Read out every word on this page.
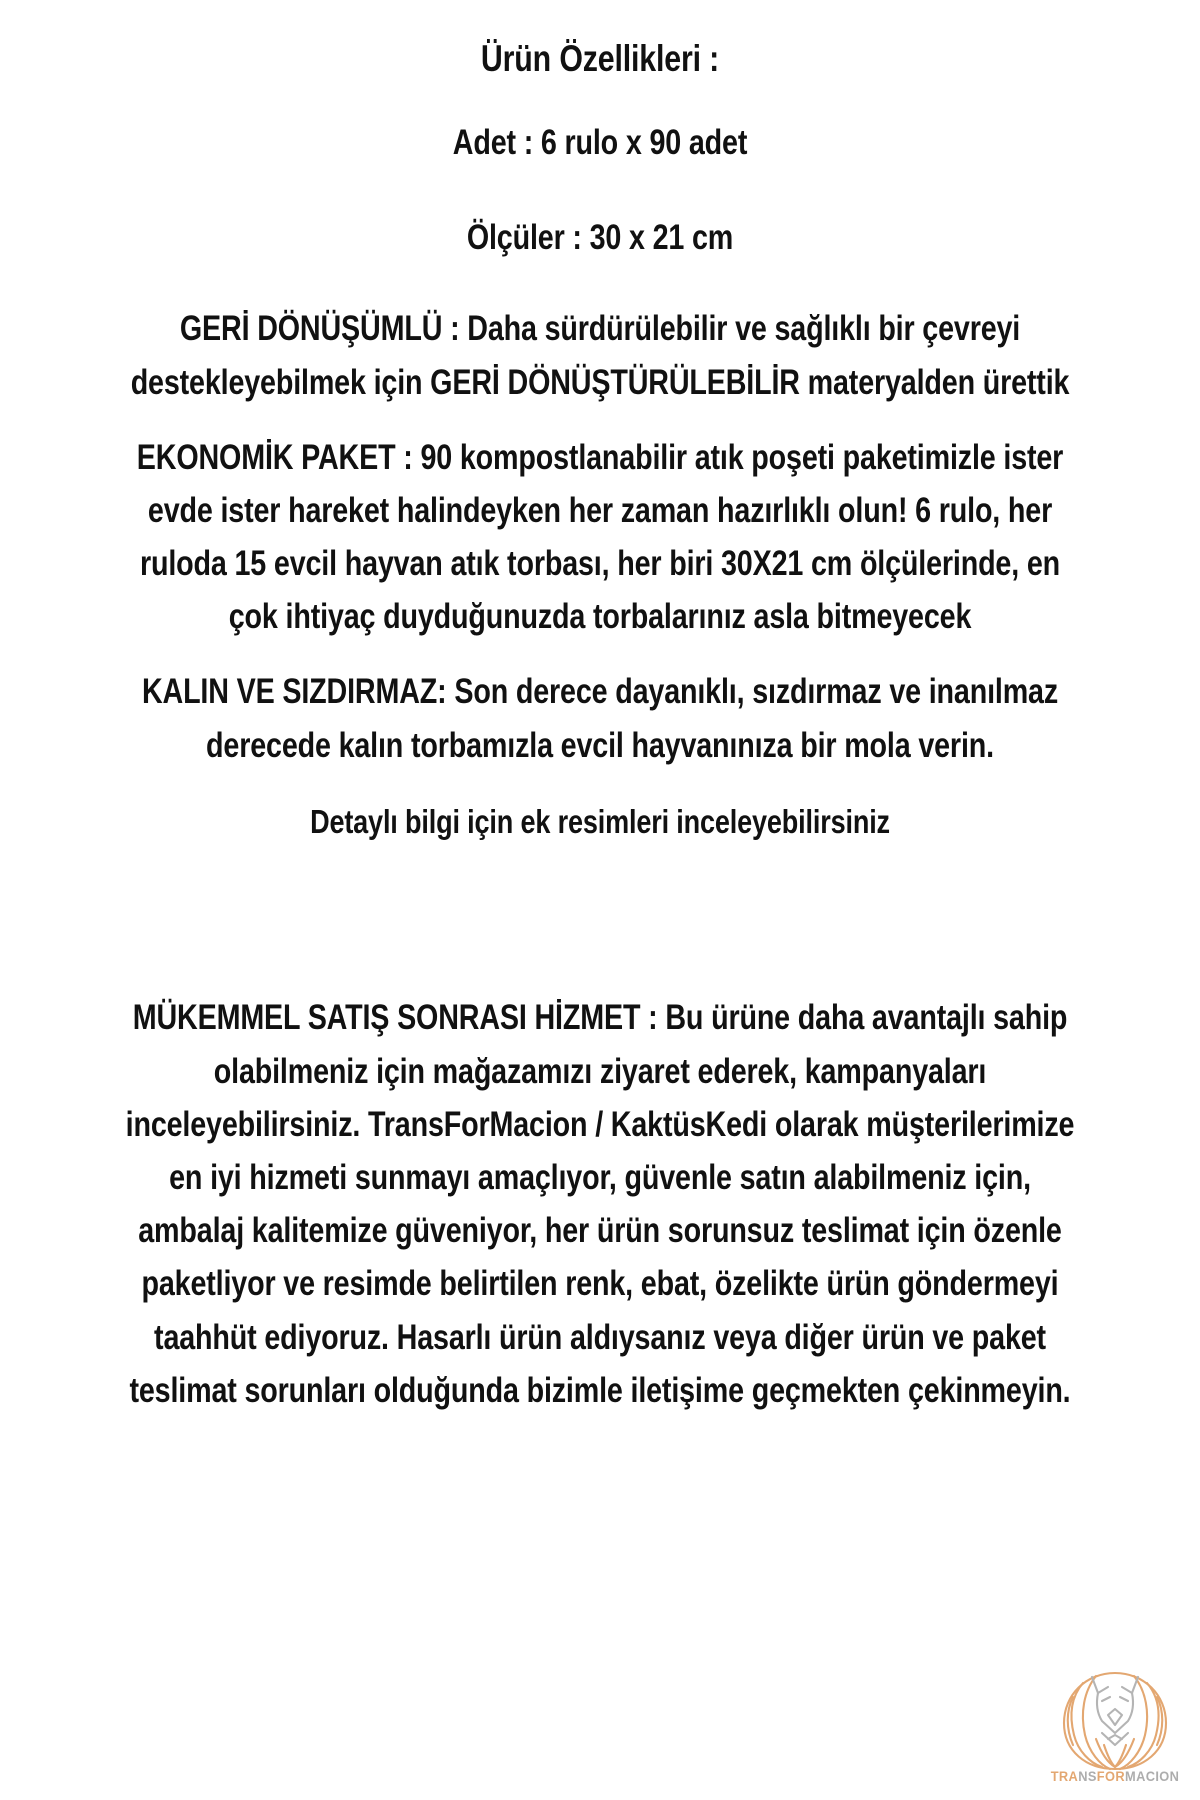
Ürün Özellikleri :
Adet : 6 rulo x 90 adet
Ölçüler : 30 x 21 cm
GERİ DÖNÜŞÜMLÜ : Daha sürdürülebilir ve sağlıklı bir çevreyi destekleyebilmek için GERİ DÖNÜŞTÜRÜLEBİLİR materyalden ürettik
EKONOMİK PAKET : 90 kompostlanabilir atık poşeti paketimizle ister evde ister hareket halindeyken her zaman hazırlıklı olun! 6 rulo, her ruloda 15 evcil hayvan atık torbası, her biri 30X21 cm ölçülerinde, en çok ihtiyaç duyduğunuzda torbalarınız asla bitmeyecek
KALIN VE SIZDIRMAZ: Son derece dayanıklı, sızdırmaz ve inanılmaz derecede kalın torbamızla evcil hayvanınıza bir mola verin.
Detaylı bilgi için ek resimleri inceleyebilirsiniz
MÜKEMMEL SATIŞ SONRASI HİZMET : Bu ürüne daha avantajlı sahip olabilmeniz için mağazamızı ziyaret ederek, kampanyaları inceleyebilirsiniz. TransForMacion / KaktüsKedi olarak müşterilerimize en iyi hizmeti sunmayı amaçlıyor, güvenle satın alabilmeniz için, ambalaj kalitemize güveniyor, her ürün sorunsuz teslimat için özenle paketliyor ve resimde belirtilen renk, ebat, özelikte ürün göndermeyi taahhüt ediyoruz. Hasarlı ürün aldıysanız veya diğer ürün ve paket teslimat sorunları olduğunda bizimle iletişime geçmekten çekinmeyin.
TRANSFORMACION
